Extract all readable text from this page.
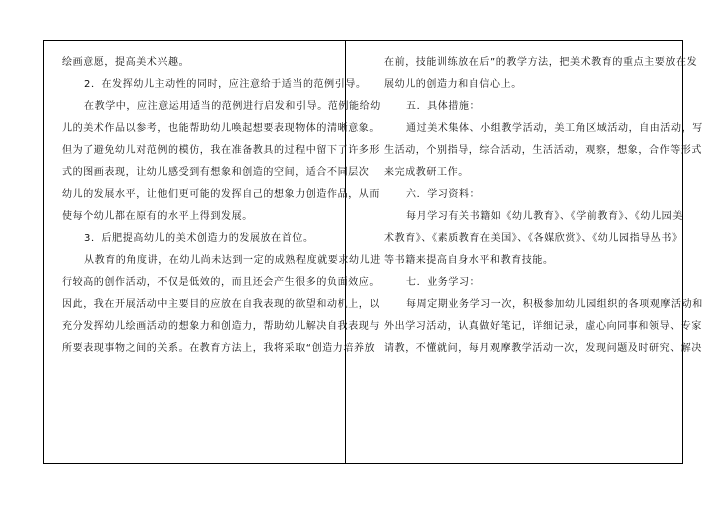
绘画意愿，提高美术兴趣。
2．在发挥幼儿主动性的同时，应注意给于适当的范例引导。
在教学中，应注意运用适当的范例进行启发和引导。范例能给幼
儿的美术作品以参考，也能帮助幼儿唤起想要表现物体的清晰意象。
但为了避免幼儿对范例的模仿，我在准备教具的过程中留下了许多形
式的图画表现，让幼儿感受到有想象和创造的空间，适合不同层次
幼儿的发展水平，让他们更可能的发挥自己的想象力创造作品，从而
使每个幼儿都在原有的水平上得到发展。
3．后肥提高幼儿的美术创造力的发展放在首位。
从教育的角度讲，在幼儿尚未达到一定的成熟程度就要求幼儿进
行较高的创作活动，不仅是低效的，而且还会产生很多的负面效应。
因此，我在开展活动中主要目的应放在自我表现的欲望和动机上，以
充分发挥幼儿绘画活动的想象力和创造力，帮助幼儿解决自我表现与
所要表现事物之间的关系。在教育方法上，我将采取“创造力培养放
在前，技能训练放在后”的教学方法，把美术教育的重点主要放在发
展幼儿的创造力和自信心上。
五．具体措施：
通过美术集体、小组教学活动，美工角区域活动，自由活动，写
生活动，个别指导，综合活动，生活活动，观察，想象，合作等形式
来完成教研工作。
六．学习资料：
每月学习有关书籍如《幼儿教育》、《学前教育》、《幼儿园美
术教育》、《素质教育在美国》、《各媒欣赏》、《幼儿园指导丛书》
等书籍来提高自身水平和教育技能。
七．业务学习：
每周定期业务学习一次，积极参加幼儿园组织的各项观摩活动和
外出学习活动，认真做好笔记，详细记录，虚心向同事和领导、专家
请教，不懂就问，每月观摩教学活动一次，发现问题及时研究、解决
